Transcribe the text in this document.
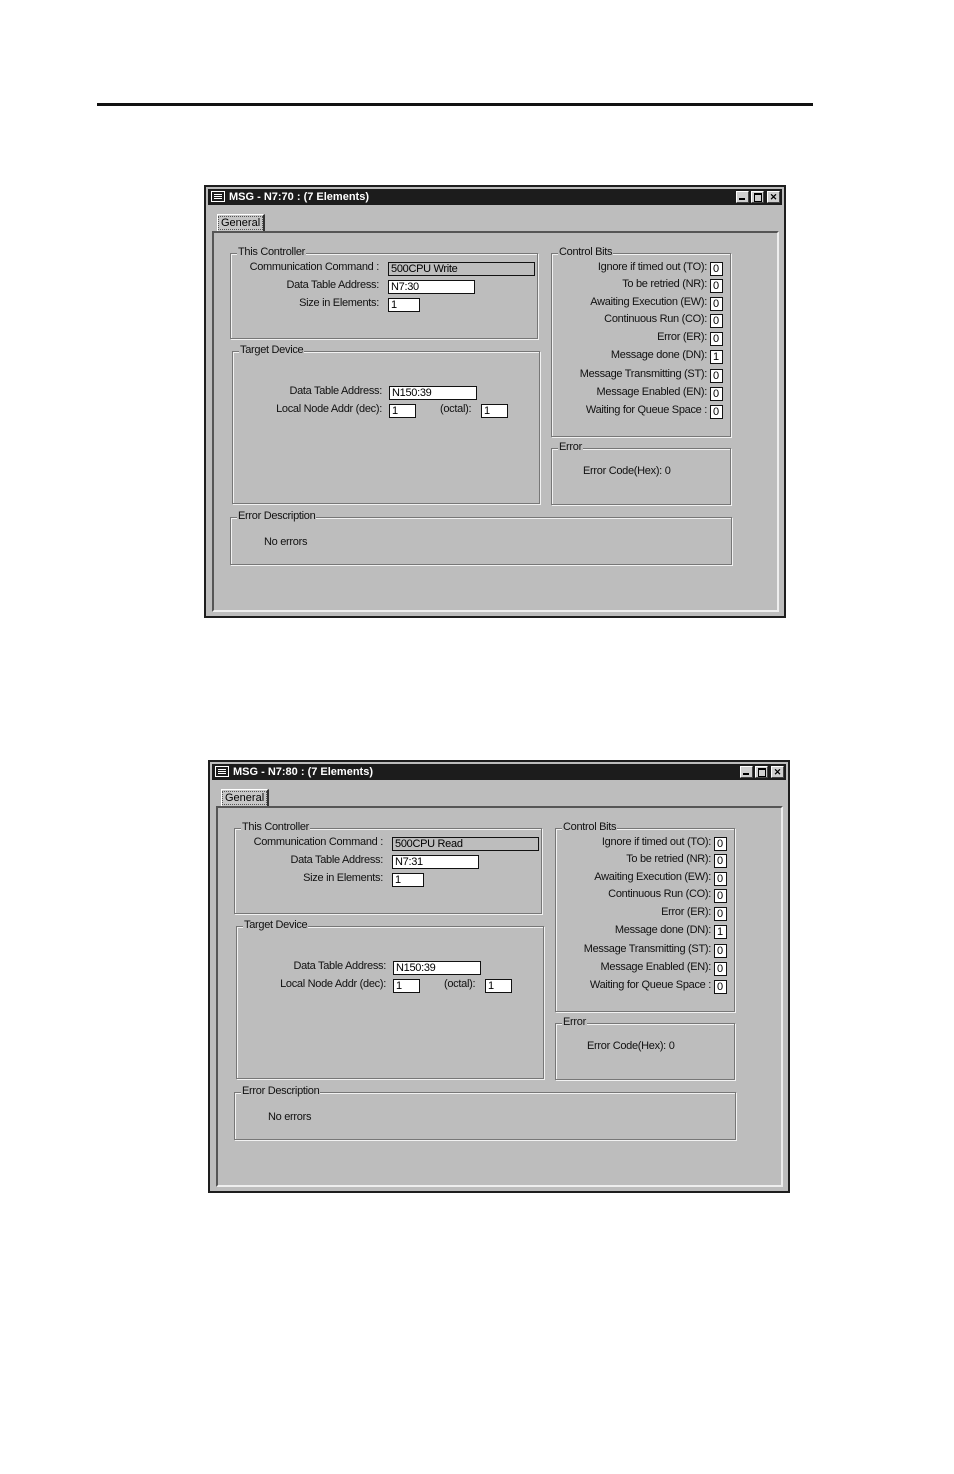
MSG - N7:70 : (7 Elements)	✕
General
This Controller
Communication Command : 500CPU Write
Data Table Address: N7:30
Size in Elements: 1
Target Device
Data Table Address: N150:39
Local Node Addr (dec): 1	(octal): 1
Control Bits
Ignore if timed out (TO): 0
To be retried (NR): 0
Awaiting Execution (EW): 0
Continuous Run (CO): 0
Error (ER): 0
Message done (DN): 1
Message Transmitting (ST): 0
Message Enabled (EN): 0
Waiting for Queue Space : 0
Error
Error Code(Hex): 0
Error Description
No errors
MSG - N7:80 : (7 Elements)	✕
General
This Controller
Communication Command : 500CPU Read
Data Table Address: N7:31
Size in Elements: 1
Target Device
Data Table Address: N150:39
Local Node Addr (dec): 1	(octal): 1
Control Bits
Ignore if timed out (TO): 0
To be retried (NR): 0
Awaiting Execution (EW): 0
Continuous Run (CO): 0
Error (ER): 0
Message done (DN): 1
Message Transmitting (ST): 0
Message Enabled (EN): 0
Waiting for Queue Space : 0
Error
Error Code(Hex): 0
Error Description
No errors
